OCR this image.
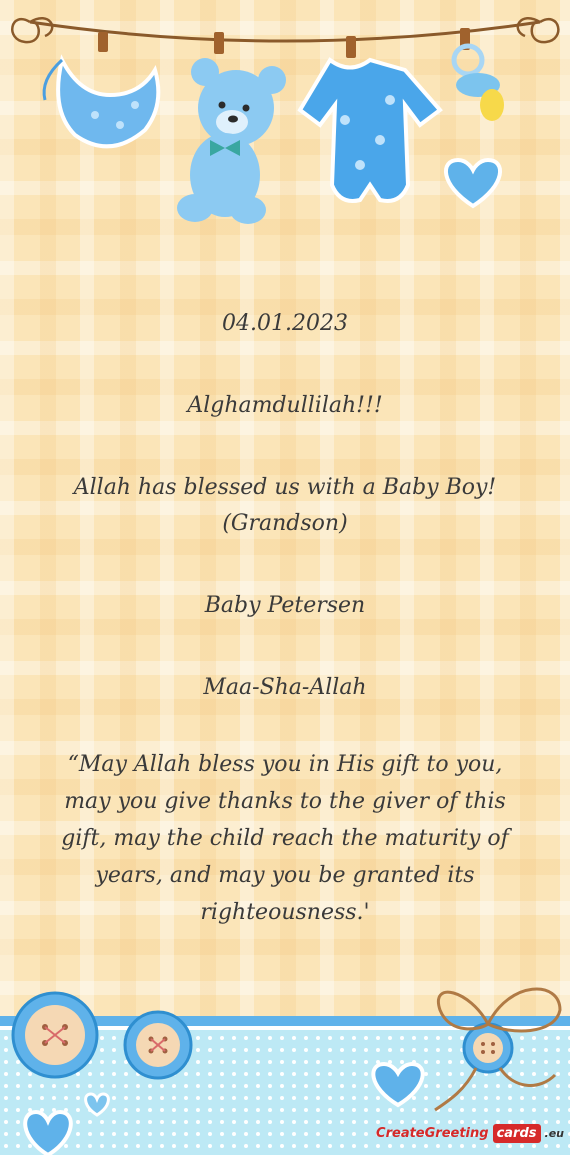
04.01.2023

Alghamdullilah!!!

Allah has blessed us with a Baby Boy!

(Grandson)

Baby Petersen

Maa-Sha-Allah

“May Allah bless you in His gift to you,

may you give thanks to the giver of this

gift, may the child reach the maturity of

years, and may you be granted its

righteousness.'

CreateGreeting cards .eu
